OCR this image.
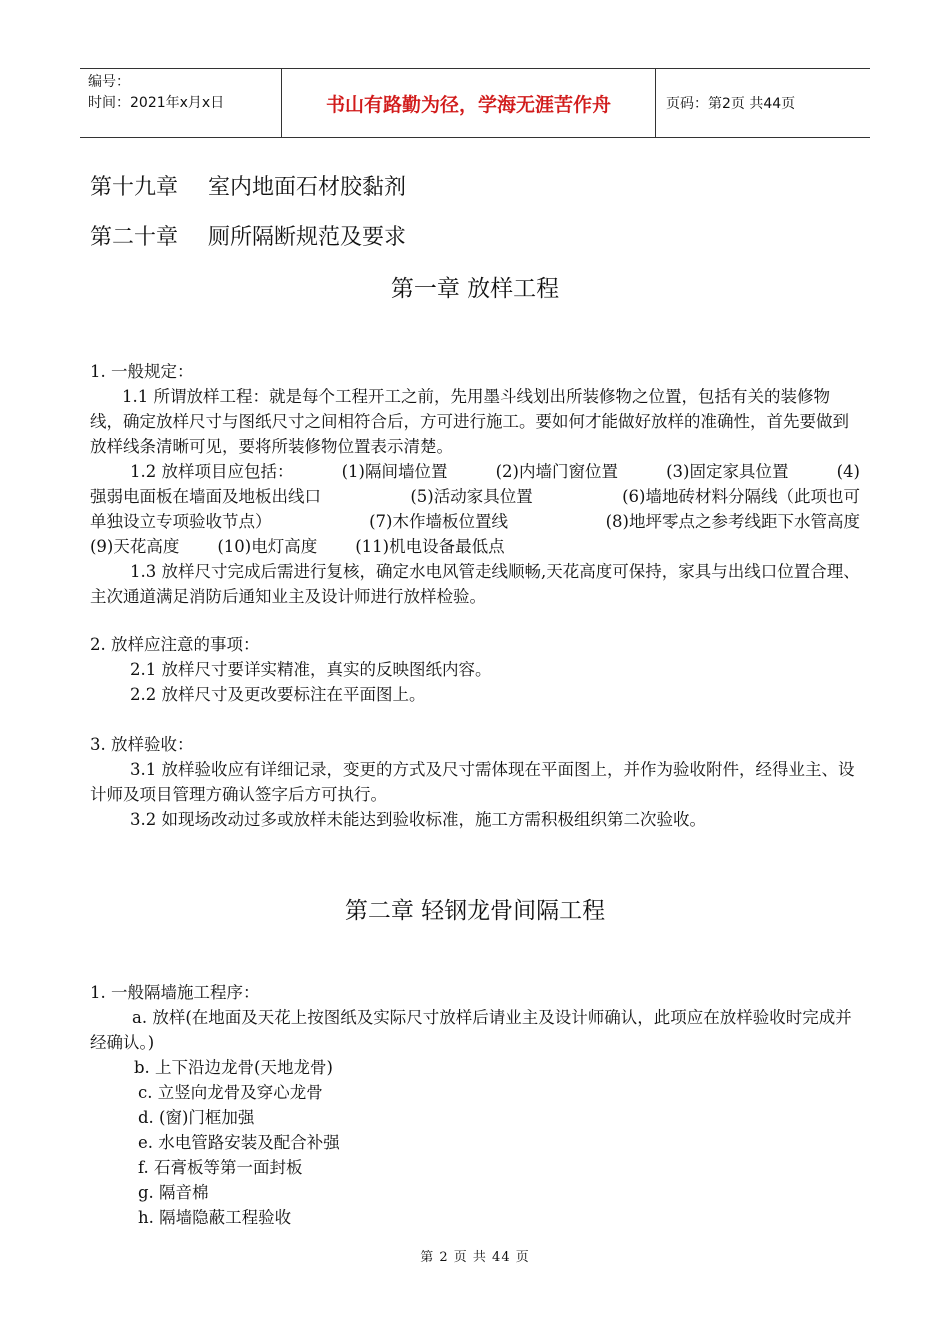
编号：
时间：2021年x月x日	书山有路勤为径，学海无涯苦作舟	页码：第2页 共44页
第十九章 室内地面石材胶黏剂
第二十章 厕所隔断规范及要求
第一章 放样工程

1. 一般规定：

1.1 所谓放样工程：就是每个工程开工之前，先用墨斗线划出所装修物之位置，包括有关的装修物线，确定放样尺寸与图纸尺寸之间相符合后，方可进行施工。要如何才能做好放样的准确性，首先要做到放样线条清晰可见，要将所装修物位置表示清楚。

1.2 放样项目应包括：	(1)隔间墙位置	(2)内墙门窗位置	(3)固定家具位置	(4)
强弱电面板在墙面及地板出线口	(5)活动家具位置	(6)墙地砖材料分隔线（此项也可
单独设立专项验收节点）	(7)木作墙板位置线	(8)地坪零点之参考线距下水管高度
(9)天花高度 (10)电灯高度 (11)机电设备最低点

1.3 放样尺寸完成后需进行复核，确定水电风管走线顺畅,天花高度可保持，家具与出线口位置合理、主次通道满足消防后通知业主及设计师进行放样检验。

2. 放样应注意的事项：

2.1 放样尺寸要详实精准，真实的反映图纸内容。

2.2 放样尺寸及更改要标注在平面图上。

3. 放样验收：

3.1 放样验收应有详细记录，变更的方式及尺寸需体现在平面图上，并作为验收附件，经得业主、设计师及项目管理方确认签字后方可执行。

3.2 如现场改动过多或放样未能达到验收标准，施工方需积极组织第二次验收。

第二章 轻钢龙骨间隔工程

1. 一般隔墙施工程序：

a. 放样(在地面及天花上按图纸及实际尺寸放样后请业主及设计师确认，此项应在放样验收时完成并经确认。)

b. 上下沿边龙骨(天地龙骨)

c. 立竖向龙骨及穿心龙骨

d. (窗)门框加强

e. 水电管路安装及配合补强

f. 石膏板等第一面封板

g. 隔音棉

h. 隔墙隐蔽工程验收

第 2 页 共 44 页
